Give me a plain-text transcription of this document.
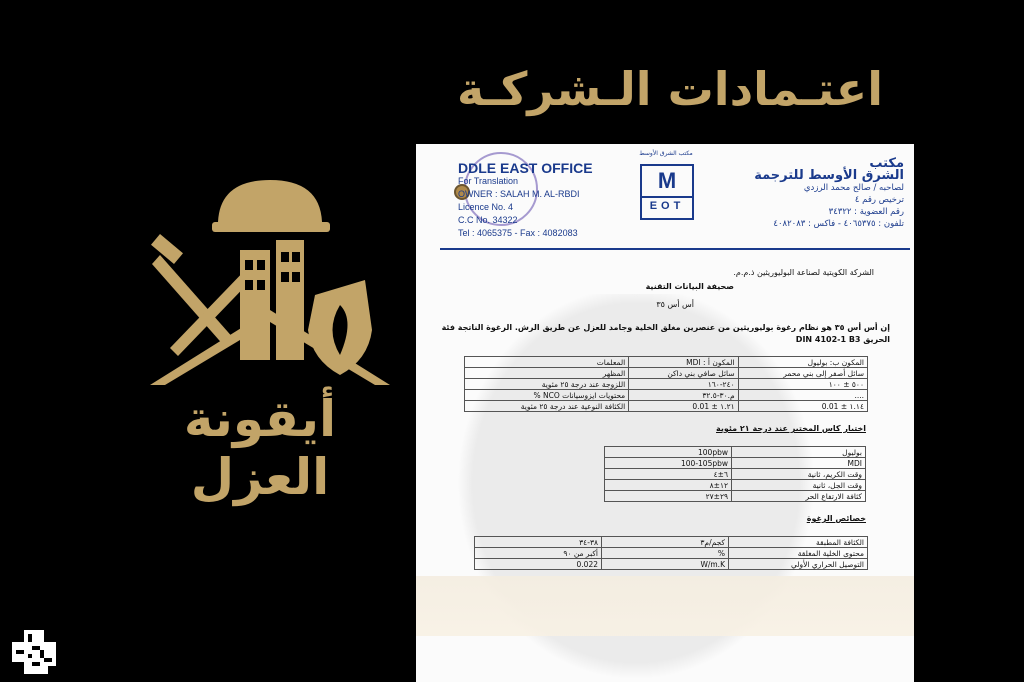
اعتـمادات الـشركـة
أيقونة العزل
DDLE EAST OFFICE
For Translation
OWNER : SALAH M. AL-RBDI
Licence No. 4
C.C No. 34322
Tel : 4065375 - Fax : 4082083
مكتب الشرق الأوسط
M
EOT
مكتب
الشرق الأوسط للترجمة
لصاحبه / صالح محمد الرزدي
ترخيص رقم ٤
رقم العضوية : ٣٤٣٢٢
تلفون : ٤٠٦٥٣٧٥ - فاكس : ٤٠٨٢٠٨٣
الشركة الكويتية لصناعة البوليوريثين ذ.م.م.
صحيفة البيانات التقنية
أس أس ٣٥
إن أس أس ٣٥ هو نظام رغوة بوليوريثين من عنصرين مغلق الخلية وجامد للعزل عن طريق الرش. الرغوة الناتجة فئة الحريق DIN 4102-1 B3
المعلمات	المكون أ : MDI	المكون ب: بوليول
المظهر	سائل صافي بني داكن	سائل أصفر إلى بني محمر
اللزوجة عند درجة ٢٥ مئوية	٢٤٠-١٦٠	٥٠٠ ± ١٠٠
محتويات ايزوسيانات NCO %	م.٣٠-٣٢.٥	....
الكثافة النوعية عند درجة ٢٥ مئوية	١.٢١ ± 0.01	١.١٤ ± 0.01
اختبار كاس المختبر عند درجة ٢١ مئوية
100pbw	بوليول
100-105pbw	MDI
٦±٤	وقت الكريم، ثانية
١٢±٨	وقت الجل، ثانية
٢٩±٢٧	كثافة الارتفاع الحر
خصائص الرغوة
٣٨-٣٤	كجم/م٣	الكثافة المطبقة
أكبر من ٩٠	%	محتوى الخلية المغلقة
0.022	W/m.K	التوصيل الحراري الأولي
